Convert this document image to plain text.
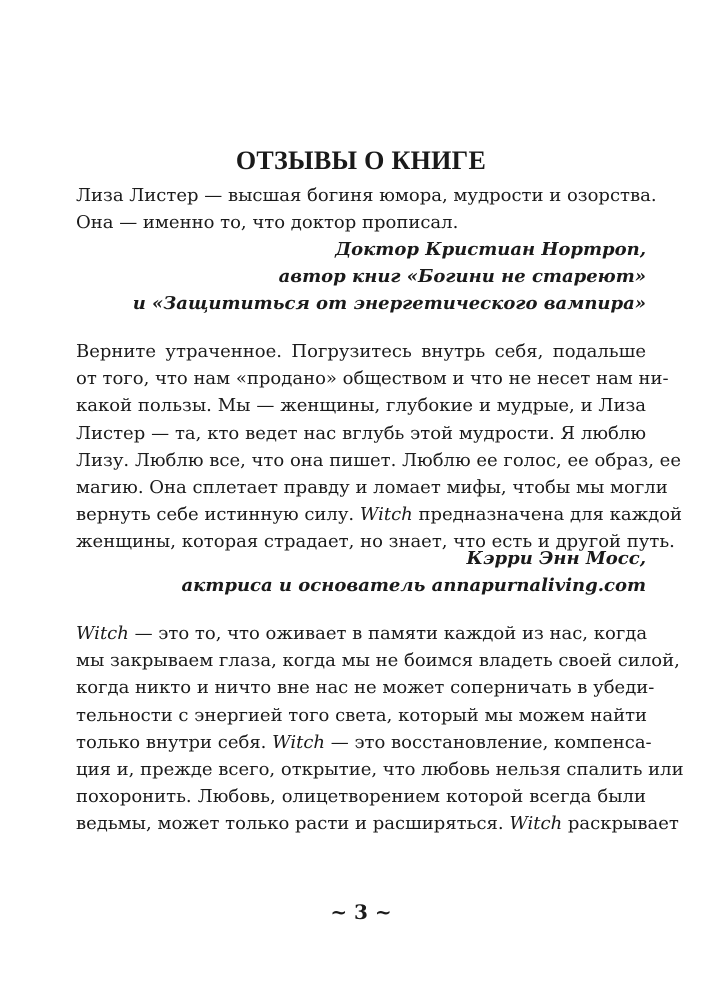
ОТЗЫВЫ О КНИГЕ
Лиза Листер — высшая богиня юмора, мудрости и озорства.
Она — именно то, что доктор прописал.
Доктор Кристиан Нортроп,
автор книг «Богини не стареют»
и «Защититься от энергетического вампира»
Верните утраченное. Погрузитесь внутрь себя, подальше
от того, что нам «продано» обществом и что не несет нам ни-
какой пользы. Мы — женщины, глубокие и мудрые, и Лиза
Листер — та, кто ведет нас вглубь этой мудрости. Я люблю
Лизу. Люблю все, что она пишет. Люблю ее голос, ее образ, ее
магию. Она сплетает правду и ломает мифы, чтобы мы могли
вернуть себе истинную силу. Witch предназначена для каждой
женщины, которая страдает, но знает, что есть и другой путь.
Кэрри Энн Мосс,
актриса и основатель annapurnaliving.com
Witch — это то, что оживает в памяти каждой из нас, когда
мы закрываем глаза, когда мы не боимся владеть своей силой,
когда никто и ничто вне нас не может соперничать в убеди-
тельности с энергией того света, который мы можем найти
только внутри себя. Witch — это восстановление, компенса-
ция и, прежде всего, открытие, что любовь нельзя спалить или
похоронить. Любовь, олицетворением которой всегда были
ведьмы, может только расти и расширяться. Witch раскрывает
~ 3 ~
